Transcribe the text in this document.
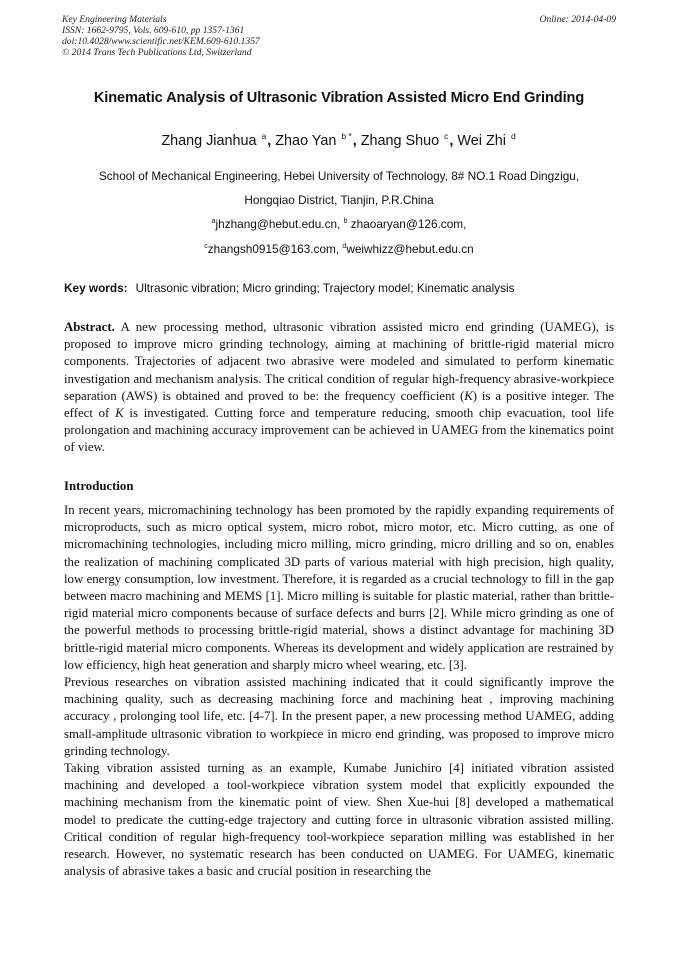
Key Engineering Materials
ISSN: 1662-9795, Vols. 609-610, pp 1357-1361
doi:10.4028/www.scientific.net/KEM.609-610.1357
© 2014 Trans Tech Publications Ltd, Switzerland
Online: 2014-04-09
Kinematic Analysis of Ultrasonic Vibration Assisted Micro End Grinding
Zhang Jianhua $^a$, Zhao Yan $^{b *}$, Zhang Shuo $^c$, Wei Zhi $^d$
School of Mechanical Engineering, Hebei University of Technology, 8# NO.1 Road Dingzigu,
Hongqiao District, Tianjin, P.R.China
$^a$jhzhang@hebut.edu.cn, $^b$ zhaoaryan@126.com,
$^c$zhangsh0915@163.com, $^d$weiwhizz@hebut.edu.cn
Key words: Ultrasonic vibration; Micro grinding; Trajectory model; Kinematic analysis
Abstract. A new processing method, ultrasonic vibration assisted micro end grinding (UAMEG), is proposed to improve micro grinding technology, aiming at machining of brittle-rigid material micro components. Trajectories of adjacent two abrasive were modeled and simulated to perform kinematic investigation and mechanism analysis. The critical condition of regular high-frequency abrasive-workpiece separation (AWS) is obtained and proved to be: the frequency coefficient (K) is a positive integer. The effect of K is investigated. Cutting force and temperature reducing, smooth chip evacuation, tool life prolongation and machining accuracy improvement can be achieved in UAMEG from the kinematics point of view.
Introduction

In recent years, micromachining technology has been promoted by the rapidly expanding requirements of microproducts, such as micro optical system, micro robot, micro motor, etc. Micro cutting, as one of micromachining technologies, including micro milling, micro grinding, micro drilling and so on, enables the realization of machining complicated 3D parts of various material with high precision, high quality, low energy consumption, low investment. Therefore, it is regarded as a crucial technology to fill in the gap between macro machining and MEMS [1]. Micro milling is suitable for plastic material, rather than brittle-rigid material micro components because of surface defects and burrs [2]. While micro grinding as one of the powerful methods to processing brittle-rigid material, shows a distinct advantage for machining 3D brittle-rigid material micro components. Whereas its development and widely application are restrained by low efficiency, high heat generation and sharply micro wheel wearing, etc. [3].

Previous researches on vibration assisted machining indicated that it could significantly improve the machining quality, such as decreasing machining force and machining heat , improving machining accuracy , prolonging tool life, etc. [4-7]. In the present paper, a new processing method UAMEG, adding small-amplitude ultrasonic vibration to workpiece in micro end grinding, was proposed to improve micro grinding technology.

Taking vibration assisted turning as an example, Kumabe Junichiro [4] initiated vibration assisted machining and developed a tool-workpiece vibration system model that explicitly expounded the machining mechanism from the kinematic point of view. Shen Xue-hui [8] developed a mathematical model to predicate the cutting-edge trajectory and cutting force in ultrasonic vibration assisted milling. Critical condition of regular high-frequency tool-workpiece separation milling was established in her research. However, no systematic research has been conducted on UAMEG. For UAMEG, kinematic analysis of abrasive takes a basic and crucial position in researching the
